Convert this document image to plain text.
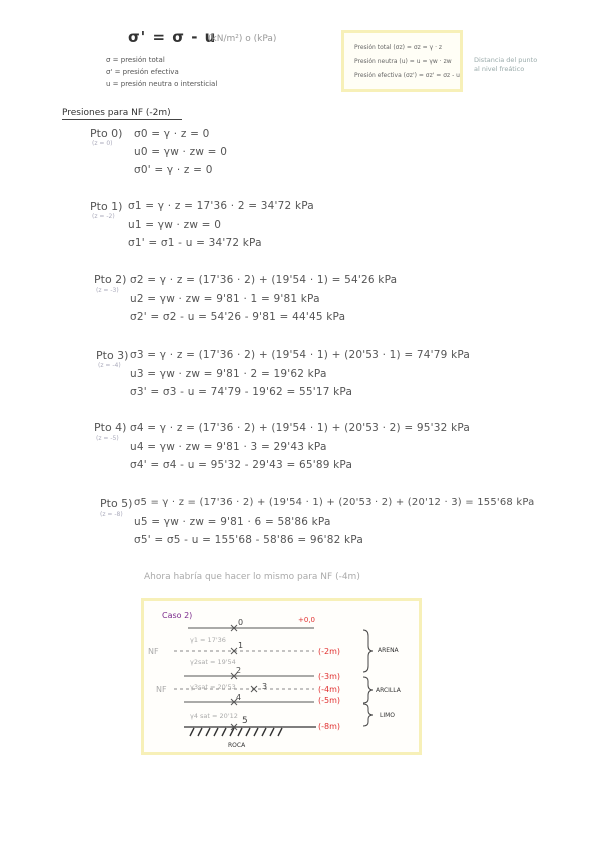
σ' = σ - u
(kN/m²) o (kPa)
σ = presión total
σ' = presión efectiva
u = presión neutra o intersticial
Presión total (σz) = σz = γ · z
Presión neutra (u) = u = γw · zw
Presión efectiva (σz') = σz' = σz - u
Distancia del punto al nivel freático
Presiones para NF (-2m)
Pto 0)
(z = 0)
σ0 = γ · z = 0
u0 = γw · zw = 0
σ0' = γ · z = 0
Pto 1)
(z = -2)
σ1 = γ · z = 17'36 · 2 = 34'72 kPa
u1 = γw · zw = 0
σ1' = σ1 - u = 34'72 kPa
Pto 2)
(z = -3)
σ2 = γ · z = (17'36 · 2) + (19'54 · 1) = 54'26 kPa
u2 = γw · zw = 9'81 · 1 = 9'81 kPa
σ2' = σ2 - u = 54'26 - 9'81 = 44'45 kPa
Pto 3)
(z = -4)
σ3 = γ · z = (17'36 · 2) + (19'54 · 1) + (20'53 · 1) = 74'79 kPa
u3 = γw · zw = 9'81 · 2 = 19'62 kPa
σ3' = σ3 - u = 74'79 - 19'62 = 55'17 kPa
Pto 4)
(z = -5)
σ4 = γ · z = (17'36 · 2) + (19'54 · 1) + (20'53 · 2) = 95'32 kPa
u4 = γw · zw = 9'81 · 3 = 29'43 kPa
σ4' = σ4 - u = 95'32 - 29'43 = 65'89 kPa
Pto 5)
(z = -8)
σ5 = γ · z = (17'36 · 2) + (19'54 · 1) + (20'53 · 2) + (20'12 · 3) = 155'68 kPa
u5 = γw · zw = 9'81 · 6 = 58'86 kPa
σ5' = σ5 - u = 155'68 - 58'86 = 96'82 kPa
Ahora habría que hacer lo mismo para NF (-4m)
Caso 2)	+0,0
NF
NF
0
1
2
3
4
5
γ1 = 17'36
γ2sat = 19'54
γ3sat = 20'53
γ4 sat = 20'12
(-2m)
(-3m)
(-4m)
(-5m)
(-8m)
ARENA
ARCILLA
LIMO
ROCA
